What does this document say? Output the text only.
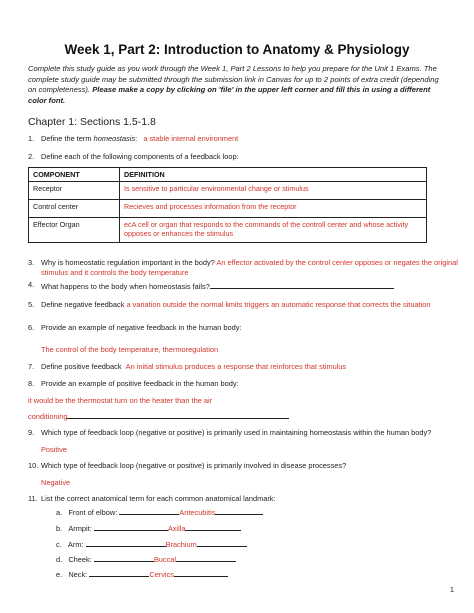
Week 1, Part 2: Introduction to Anatomy & Physiology
Complete this study guide as you work through the Week 1, Part 2 Lessons to help you prepare for the Unit 1 Exams. The complete study guide may be submitted through the submission link in Canvas for up to 2 points of extra credit (depending on completeness). Please make a copy by clicking on 'file' in the upper left corner and fill this in using a different color font.
Chapter 1: Sections 1.5-1.8
1. Define the term homeostasis: a stable internal environment
2. Define each of the following components of a feedback loop:
COMPONENT	DEFINITION
Receptor	Is sensitive to particular environmental change or stimulus
Control center	Recieves and processes information from the receptor
Effector Organ	ecA cell or organ that responds to the commands of the controll center and whose activity opposes or enhances the stimulus
3. Why is homeostatic regulation important in the body? An effector activated by the control center opposes or negates the original
stimulus and it controls the body temperature
4. What happens to the body when homeostasis fails?
5. Define negative feedback a variation outside the normal limits triggers an automatic response that corrects the situation
6. Provide an example of negative feedback in the human body:
The control of the body temperature, thermoregulation
7. Define positive feedback An initial stimulus produces a response that reinforces that stimulus
8. Provide an example of positive feedback in the human body:
it would be the thermostat turn on the heater than the air
conditioning
9. Which type of feedback loop (negative or positive) is primarily used in maintaining homeostasis within the human body?
Positive
10. Which type of feedback loop (negative or positive) is primarily involved in disease processes?
Negative
11. List the correct anatomical term for each common anatomical landmark:
a. Front of elbow:	Antecubitis
b. Armpit:	Axilla
c. Arm:	Brachium
d. Cheek:	Buccal
e. Neck:	Cervics
1
